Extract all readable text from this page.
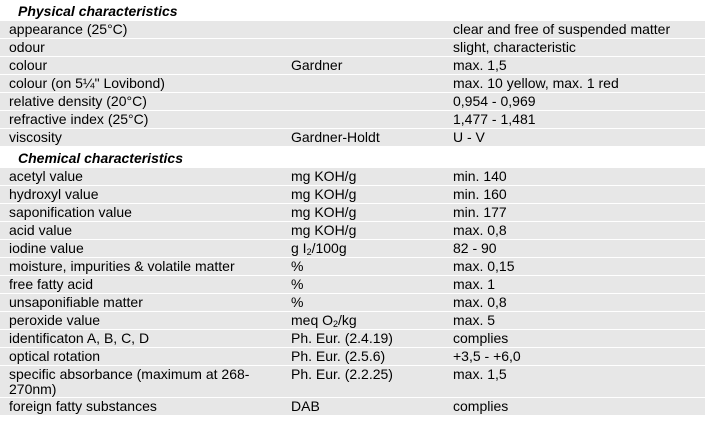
Physical characteristics
appearance (25°C)		clear and free of suspended matter
odour		slight, characteristic
colour	Gardner	max. 1,5
colour (on 5¼" Lovibond)		max. 10 yellow, max. 1 red
relative density (20°C)		0,954 - 0,969
refractive index (25°C)		1,477 - 1,481
viscosity	Gardner-Holdt	U - V
Chemical characteristics
acetyl value	mg KOH/g	min. 140
hydroxyl value	mg KOH/g	min. 160
saponification value	mg KOH/g	min. 177
acid value	mg KOH/g	max. 0,8
iodine value	g $I_2/100g$	82 - 90
moisture, impurities & volatile matter	%	max. 0,15
free fatty acid	%	max. 1
unsaponifiable matter	%	max. 0,8
peroxide value	meq $O_2/kg$	max. 5
identificaton A, B, C, D	Ph. Eur. (2.4.19)	complies
optical rotation	Ph. Eur. (2.5.6)	+3,5 - +6,0
specific absorbance (maximum at 268-270nm)	Ph. Eur. (2.2.25)	max. 1,5
foreign fatty substances	DAB	complies
